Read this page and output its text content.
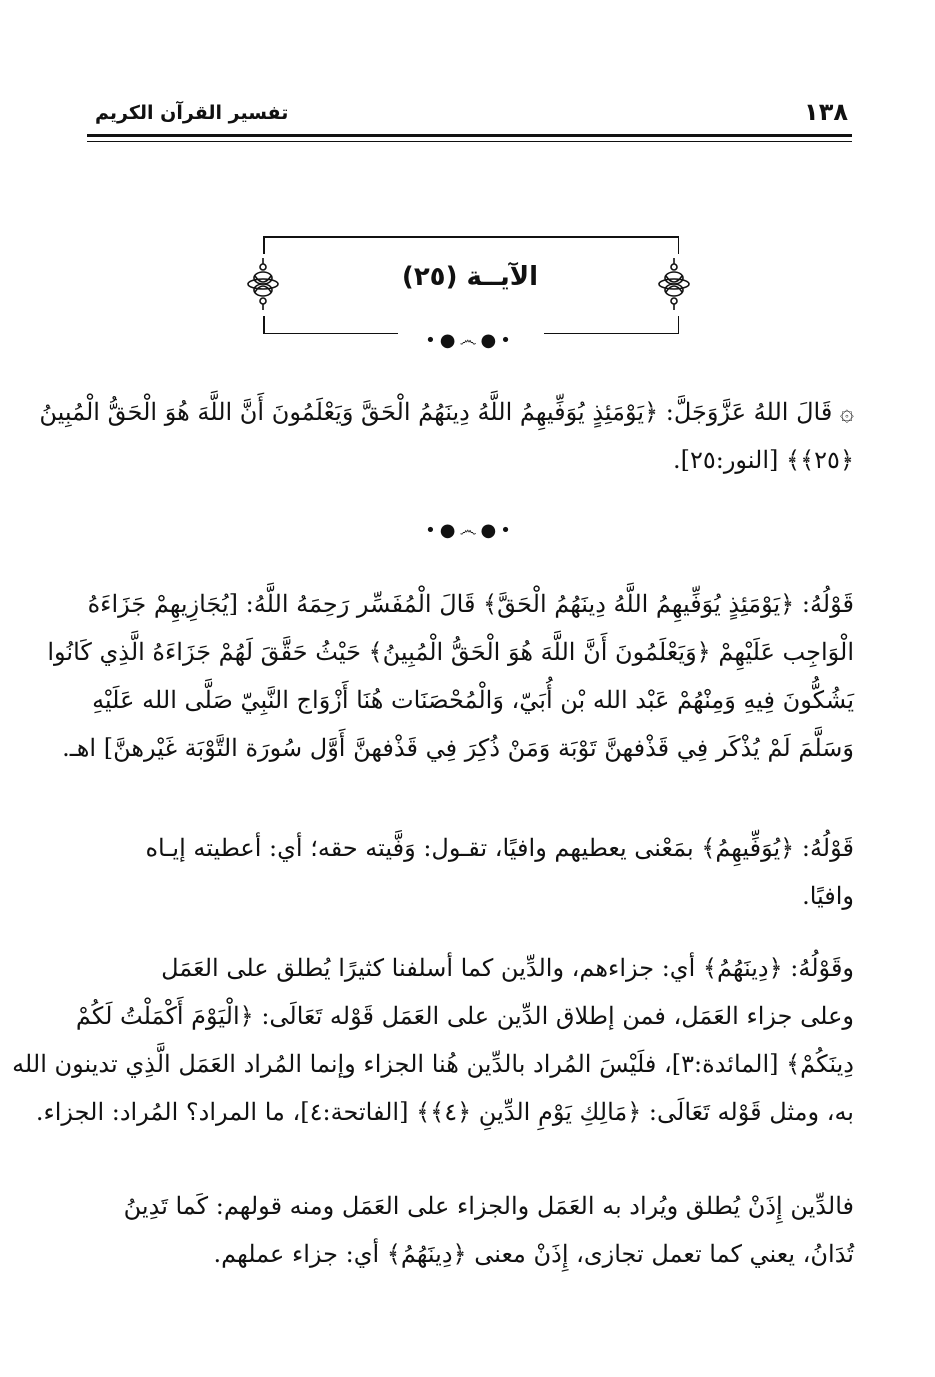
١٣٨
تفسير القرآن الكريم
الآيــة (٢٥)
•●෴●•
۞ قَالَ اللهُ عَزَّوَجَلَّ: ﴿يَوْمَئِذٍ يُوَفِّيهِمُ اللَّهُ دِينَهُمُ الْحَقَّ وَيَعْلَمُونَ أَنَّ اللَّهَ هُوَ الْحَقُّ الْمُبِينُ
﴿٢٥﴾﴾ [النور:٢٥].
•●෴●•
قَوْلُهُ: ﴿يَوْمَئِذٍ يُوَفِّيهِمُ اللَّهُ دِينَهُمُ الْحَقَّ﴾ قَالَ الْمُفَسِّر رَحِمَهُ اللَّهُ: [يُجَازِيهِمْ جَزَاءَهُ
الْوَاجِب عَلَيْهِمْ ﴿وَيَعْلَمُونَ أَنَّ اللَّهَ هُوَ الْحَقُّ الْمُبِينُ﴾ حَيْثُ حَقَّقَ لَهُمْ جَزَاءَهُ الَّذِي كَانُوا
يَشُكُّونَ فِيهِ وَمِنْهُمْ عَبْد الله بْن أُبَيّ، وَالْمُحْصَنَات هُنَا أَزْوَاج النَّبِيّ صَلَّى الله عَلَيْهِ
وَسَلَّمَ لَمْ يُذْكَر فِي قَذْفهنَّ تَوْبَة وَمَنْ ذُكِرَ فِي قَذْفهنَّ أَوَّل سُورَة التَّوْبَة غَيْرهنَّ] اهـ.
قَوْلُهُ: ﴿يُوَفِّيهِمُ﴾ بمَعْنى يعطيهم وافيًا، تقـول: وَفَّيته حقه؛ أي: أعطيته إيـاه
وافيًا.
وقَوْلُهُ: ﴿دِينَهُمُ﴾ أي: جزاءهم، والدِّين كما أسلفنا كثيرًا يُطلق على العَمَل
وعلى جزاء العَمَل، فمن إطلاق الدِّين على العَمَل قَوْله تَعَالَى: ﴿الْيَوْمَ أَكْمَلْتُ لَكُمْ
دِينَكُمْ﴾ [المائدة:٣]، فلَيْسَ المُراد بالدِّين هُنا الجزاء وإنما المُراد العَمَل الَّذِي تدينون الله
به، ومثل قَوْله تَعَالَى: ﴿مَالِكِ يَوْمِ الدِّينِ ﴿٤﴾﴾ [الفاتحة:٤]، ما المراد؟ المُراد: الجزاء.
فالدِّين إِذَنْ يُطلق ويُراد به العَمَل والجزاء على العَمَل ومنه قولهم: كَما تَدِينُ
تُدَانُ، يعني كما تعمل تجازى، إِذَنْ معنى ﴿دِينَهُمُ﴾ أي: جزاء عملهم.
